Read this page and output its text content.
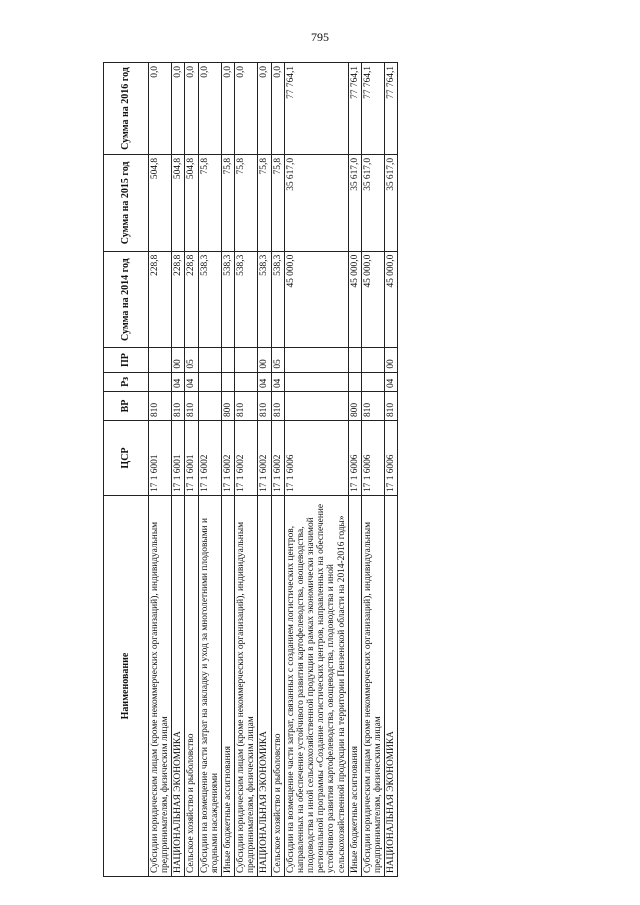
795
Наименование	ЦСР	ВР	Рз	ПР	Сумма на 2014 год	Сумма на 2015 год	Сумма на 2016 год
Субсидии юридическим лицам (кроме некоммерческих организаций), индивидуальным предпринимателям, физическим лицам	17 1 6001	810			228,8	504,8	0,0
НАЦИОНАЛЬНАЯ ЭКОНОМИКА	17 1 6001	810	04	00	228,8	504,8	0,0
Сельское хозяйство и рыболовство	17 1 6001	810	04	05	228,8	504,8	0,0
Субсидии на возмещение части затрат на закладку и уход за многолетними плодовыми и ягодными насаждениями	17 1 6002				538,3	75,8	0,0
Иные бюджетные ассигнования	17 1 6002	800			538,3	75,8	0,0
Субсидии юридическим лицам (кроме некоммерческих организаций), индивидуальным предпринимателям, физическим лицам	17 1 6002	810			538,3	75,8	0,0
НАЦИОНАЛЬНАЯ ЭКОНОМИКА	17 1 6002	810	04	00	538,3	75,8	0,0
Сельское хозяйство и рыболовство	17 1 6002	810	04	05	538,3	75,8	0,0
Субсидии на возмещение части затрат, связанных с созданием логистических центров, направленных на обеспечение устойчивого развития картофелеводства, овощеводства, плодоводства и иной сельскохозяйственной продукции в рамках экономически значимой региональной программы «Создание логистических центров, направленных на обеспечение устойчивого развития картофелеводства, овощеводства, плодоводства и иной сельскохозяйственной продукции на территории Пензенской области на 2014-2016 годы»	17 1 6006				45 000,0	35 617,0	77 764,1
Иные бюджетные ассигнования	17 1 6006	800			45 000,0	35 617,0	77 764,1
Субсидии юридическим лицам (кроме некоммерческих организаций), индивидуальным предпринимателям, физическим лицам	17 1 6006	810			45 000,0	35 617,0	77 764,1
НАЦИОНАЛЬНАЯ ЭКОНОМИКА	17 1 6006	810	04	00	45 000,0	35 617,0	77 764,1
